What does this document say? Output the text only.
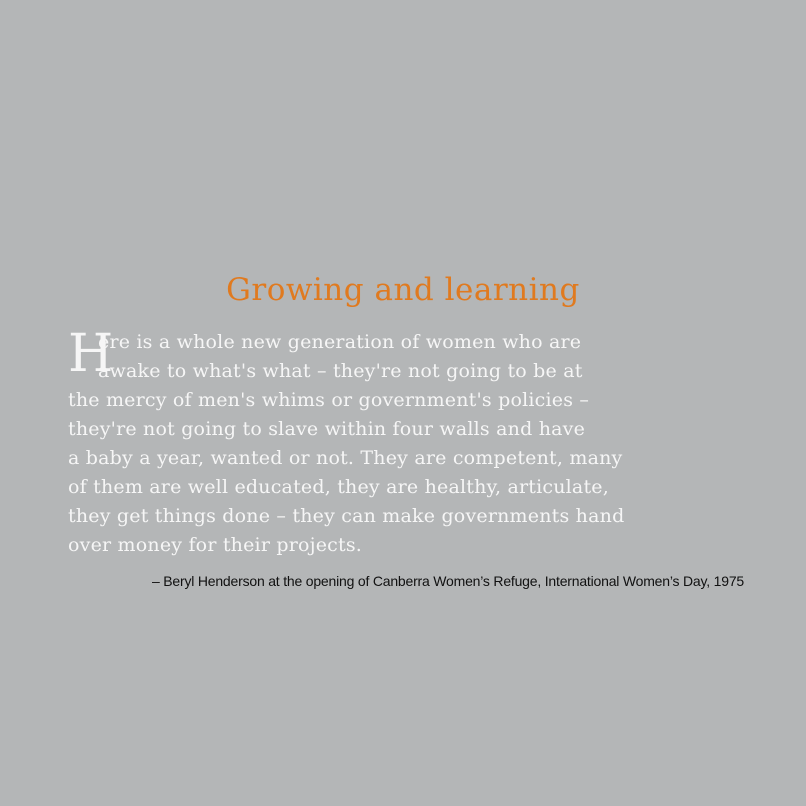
Growing and learning
H
ere is a whole new generation of women who are
awake to what's what – they're not going to be at
the mercy of men's whims or government's policies –
they're not going to slave within four walls and have
a baby a year, wanted or not. They are competent, many
of them are well educated, they are healthy, articulate,
they get things done – they can make governments hand
over money for their projects.
– Beryl Henderson at the opening of Canberra Women’s Refuge, International Women’s Day, 1975
